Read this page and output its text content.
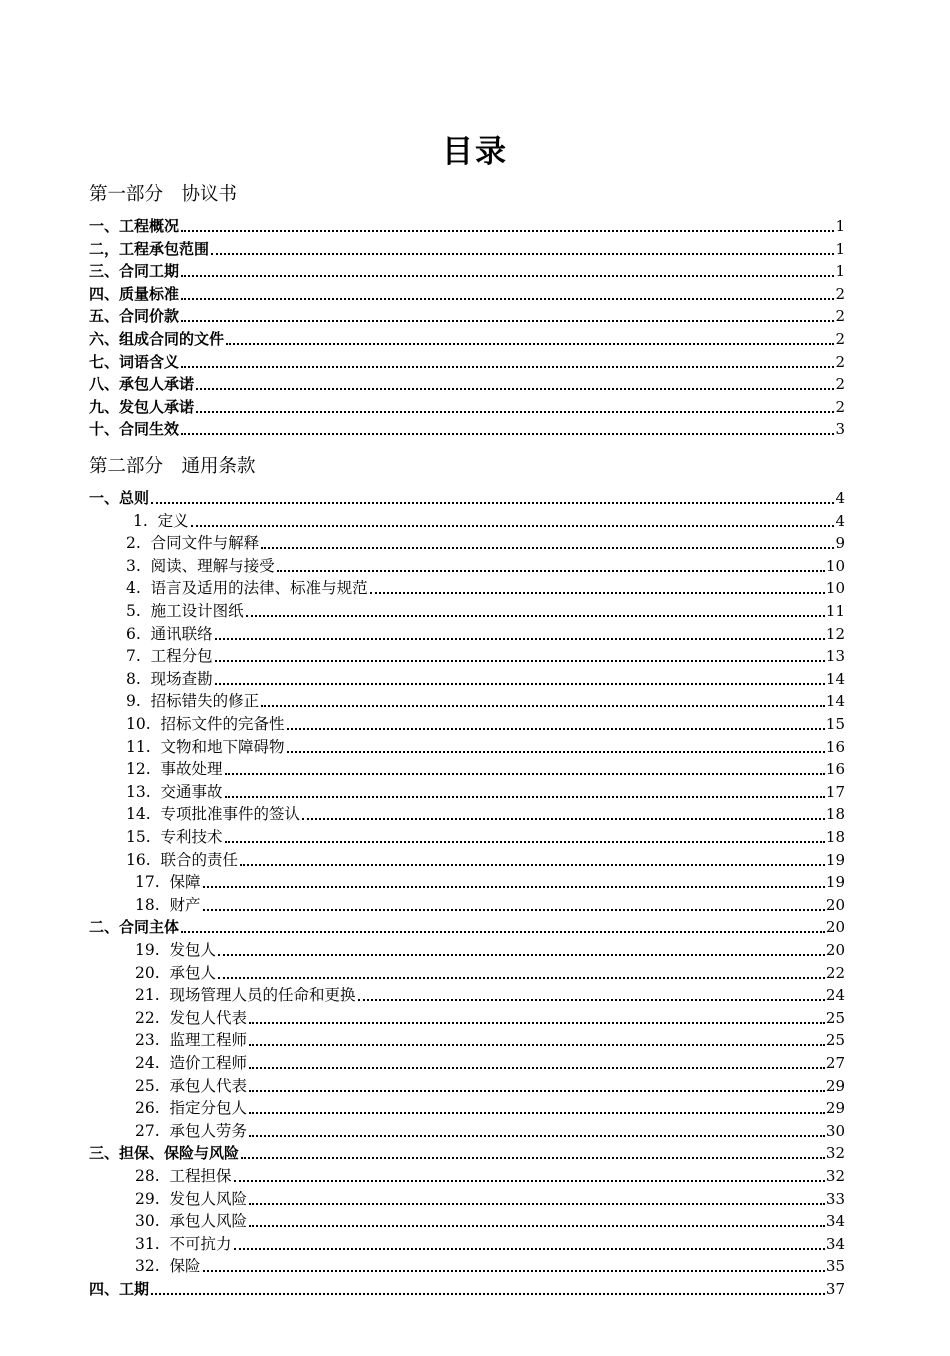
目录
第一部分　协议书
一、工程概况	1
二，工程承包范围	1
三、合同工期	1
四、质量标准	2
五、合同价款	2
六、组成合同的文件	2
七、词语含义	2
八、承包人承诺	2
九、发包人承诺	2
十、合同生效	3
第二部分　通用条款
一、总则	4
1.  定义	4
2.  合同文件与解释	9
3.  阅读、理解与接受	10
4.  语言及适用的法律、标准与规范	10
5.  施工设计图纸	11
6.  通讯联络	12
7.  工程分包	13
8.  现场查勘	14
9.  招标错失的修正	14
10.  招标文件的完备性	15
11.  文物和地下障碍物	16
12.  事故处理	16
13.  交通事故	17
14.  专项批准事件的签认	18
15.  专利技术	18
16.  联合的责任	19
17.  保障	19
18.  财产	20
二、合同主体	20
19.  发包人	20
20.  承包人	22
21.  现场管理人员的任命和更换	24
22.  发包人代表	25
23.  监理工程师	25
24.  造价工程师	27
25.  承包人代表	29
26.  指定分包人	29
27.  承包人劳务	30
三、担保、保险与风险	32
28.  工程担保	32
29.  发包人风险	33
30.  承包人风险	34
31.  不可抗力	34
32.  保险	35
四、工期	37
